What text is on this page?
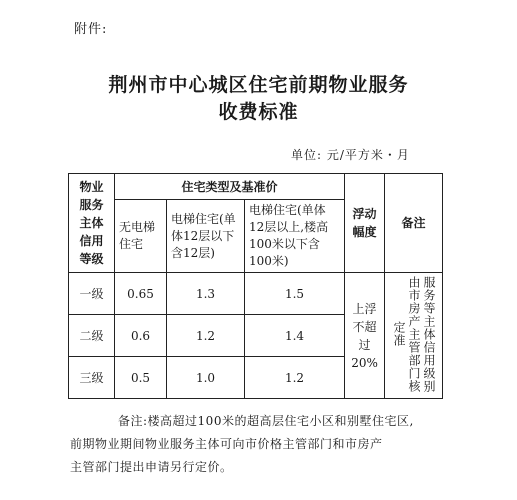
附件:
荆州市中心城区住宅前期物业服务
收费标准
单位: 元/平方米・月
物业服务主体信用等级	住宅类型及基准价			浮动幅度	备注
	无电梯住宅	电梯住宅(单体12层以下含12层)	电梯住宅(单体12层以上,楼高100米以下含100米)		
一级	0.65	1.3	1.5	上浮不超过20%	服务等主体信用级别由市房产主管部门核定准
二级	0.6	1.2	1.4		
三级	0.5	1.0	1.2		

备注:楼高超过100米的超高层住宅小区和别墅住宅区,

前期物业期间物业服务主体可向市价格主管部门和市房产

主管部门提出申请另行定价。
